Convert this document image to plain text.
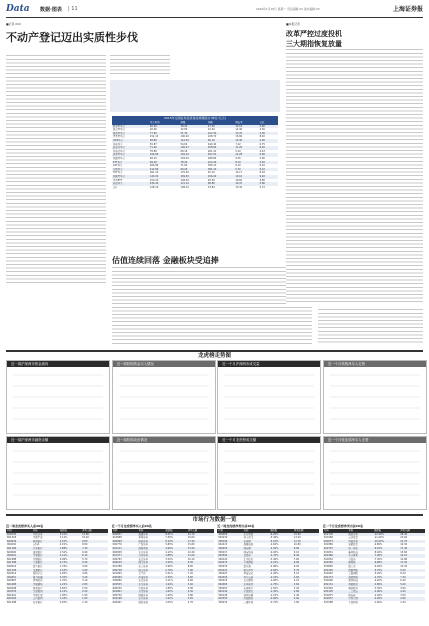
Data 数据·图表 | 11	2016年1月18日 星期一 责任编辑:XX 美术编辑:XX	上海证券报
■记者 XXX
不动产登记迈出实质性步伐
2015年全国证券投资基金规模统计(单位:亿元)
	基金类别	规模	份额	增长率	占比
股票型基金	82.40	38.20	47.30	15.10	5.90
混合型基金	46.90	32.80	24.20	12.40	4.30
债券型基金	77.80	51.30	102.40	13.70	5.90
货币型基金	152.10	100.40	228.70	15.80	8.40
QDII基金	58.80	112.30	46.10	12.40	4.90
其他基金	81.87	54.60	440.44	7.22	6.75
封闭式基金	71.40	100.47	228.60	11.20	6.20
开放式基金	78.80	68.16	261.41	5.10	4.43
保本型基金	226.90	102.20	497.61	12.28	6.60
指数型基金	48.10	129.20	288.80	9.25	5.90
ETF基金	69.20	78.20	224.40	8.10	5.40
LOF基金	406.80	71.60	380.10	9.10	6.10
分级基金	412.80	90.20	381.10	5.70	6.10
FOF基金	261.10	176.40	92.10	12.17	8.03
创新型基金	140.30	169.50	106.20	19.10	9.40
货币ETF	150.20	148.30	45.30	19.60	9.80
商品基金	436.40	121.10	98.80	16.47	5.86
合计	128.10	108.10	33.84	13.30	5.72
估值连续回落 金融板块受追捧
■本报记者
改革严控过度投机
三大期指恢复放量
龙虎榜走势图
近一周沪深两市资金流向	近一周机构资金买入情况	近一个月沪深两市成交量	近一个月机构净买入走势
近一周沪深两市融资余额	近一周机构卖出情况	近一个月龙虎榜成交额	近一个月营业部净买入走势
市场行为数据一览
近一周龙虎榜净买入前20名
代码	名称	涨跌幅	净买入额
600030	中信证券	5.21%	12.80
601318	中国平安	3.12%	10.40
600036	招商银行	2.10%	9.60
000002	万科A	4.01%	8.80
601166	兴业银行	1.88%	7.30
600000	浦发银行	1.52%	6.90
000001	平安银行	2.41%	6.10
601988	中国银行	0.96%	5.70
601398	工商银行	0.72%	5.20
600016	民生银行	1.33%	4.90
601328	交通银行	1.10%	4.40
600519	贵州茅台	2.05%	3.80
000651	格力电器	3.45%	3.40
600887	伊利股份	1.70%	3.10
601668	中国建筑	2.22%	2.80
600048	保利地产	3.60%	2.50
000333	美的集团	2.16%	2.20
601601	中国太保	1.90%	1.90
600104	上汽集团	1.44%	1.60
601288	农业银行	0.65%	1.30
近一个月龙虎榜净买入前20名
代码	名称	涨跌幅	净买入额
600837	海通证券	8.41%	22.10
601688	华泰证券	7.30%	19.60
600999	招商证券	6.12%	17.40
000776	广发证券	5.80%	15.80
601211	国泰君安	4.90%	13.20
600958	东方证券	4.10%	12.40
601377	兴业证券	3.88%	11.00
000783	长江证券	3.50%	10.10
600109	国金证券	3.20%	9.30
601788	光大证券	2.96%	8.60
000728	国元证券	2.70%	7.90
601099	太平洋	2.51%	7.20
600369	西南证券	2.30%	6.60
000686	东北证券	2.11%	6.00
601555	东吴证券	1.94%	5.40
600030	中信证券	1.80%	4.90
601901	方正证券	1.62%	4.30
000750	国海证券	1.40%	3.80
601198	东兴证券	1.22%	3.20
600061	国投安信	1.05%	2.70
近一周龙虎榜净卖出前20名
代码	名称	涨跌幅	净卖出额
300059	东方财富	-6.20%	15.60
002230	科大讯飞	-5.40%	13.20
300104	乐视网	-5.10%	12.10
002415	海康威视	-4.60%	10.80
300033	同花顺	-4.30%	9.90
300017	网宿科技	-4.00%	9.10
002594	比亚迪	-3.70%	8.40
300124	汇川技术	-3.40%	7.60
002475	立讯精密	-3.10%	6.90
300070	碧水源	-2.90%	6.20
002241	歌尔声学	-2.60%	5.70
300027	华谊兄弟	-2.40%	5.10
002024	苏宁云商	-2.10%	4.60
300015	爱尔眼科	-1.90%	4.10
002065	东华软件	-1.70%	3.60
300003	乐普医疗	-1.50%	3.20
002142	宁波银行	-1.30%	2.80
300146	汤臣倍健	-1.10%	2.40
002353	杰瑞股份	-0.90%	2.00
300072	三聚环保	-0.70%	1.60
近一个月龙虎榜净卖出前20名
代码	名称	涨跌幅	净卖出额
002736	国信证券	-12.40%	28.40
300168	万达信息	-11.20%	24.60
002673	西部证券	-10.60%	21.70
300380	安硕信息	-9.80%	19.30
002797	第一创业	-9.10%	17.40
300431	暴风科技	-8.40%	15.60
002466	天齐锂业	-7.90%	14.10
300252	金信诺	-7.30%	12.80
002450	康得新	-6.80%	11.50
300085	银之杰	-6.20%	10.30
002405	四维图新	-5.70%	9.20
300226	上海钢联	-5.20%	8.20
002174	游族网络	-4.70%	7.30
300290	荣科科技	-4.20%	6.40
002131	利欧股份	-3.80%	5.60
300392	腾信股份	-3.30%	4.90
002195	二三四五	-2.90%	4.20
300275	梅安森	-2.40%	3.50
002657	中科金财	-2.00%	2.90
300188	美亚柏科	-1.60%	2.30
